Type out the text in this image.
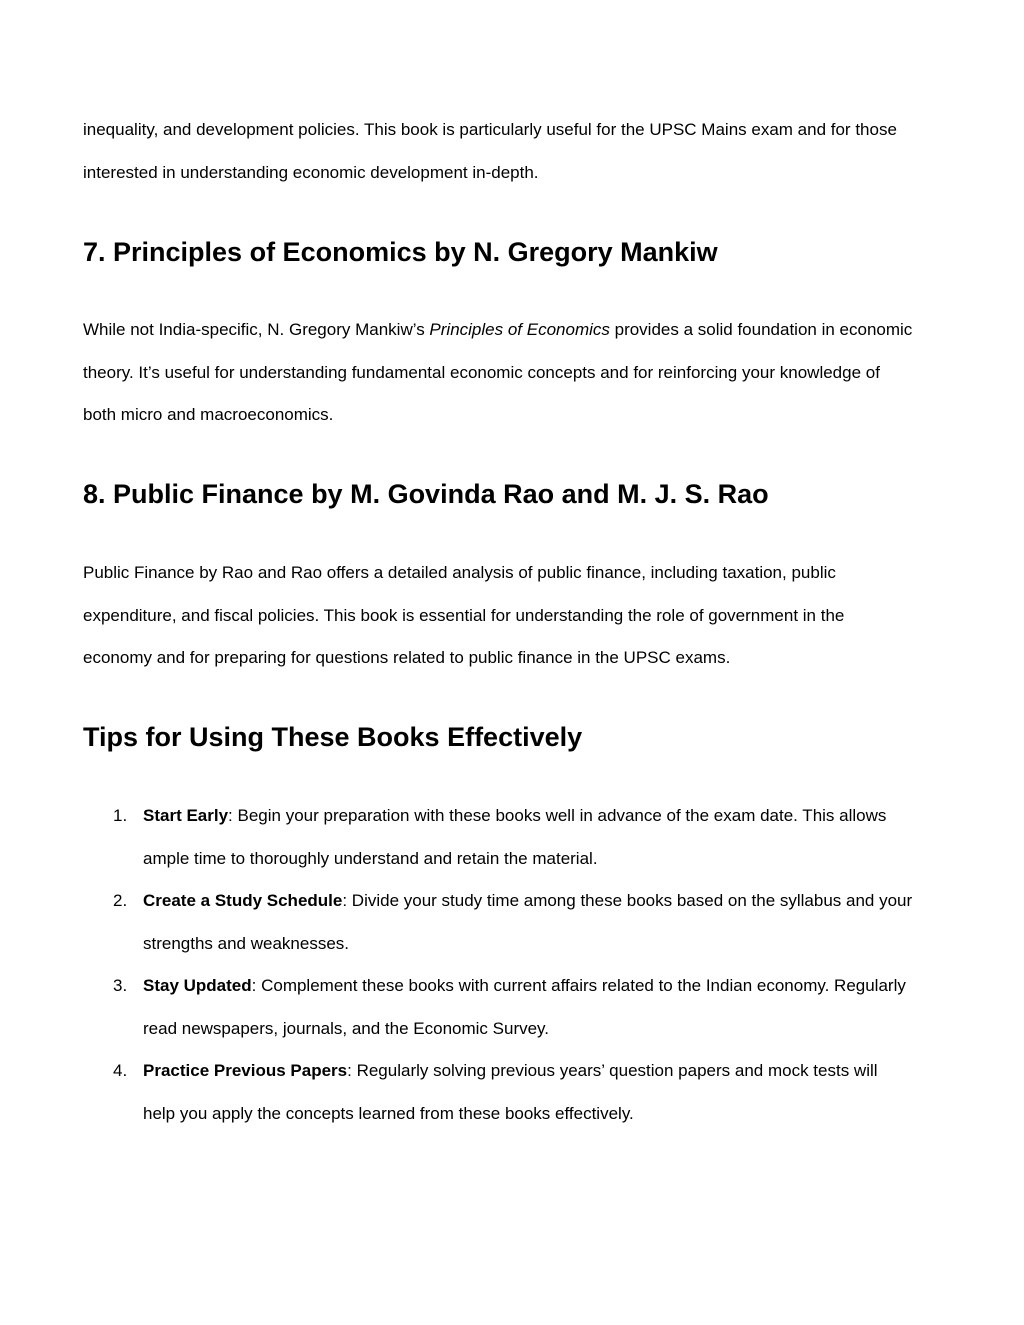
inequality, and development policies. This book is particularly useful for the UPSC Mains exam and for those interested in understanding economic development in-depth.

7. Principles of Economics by N. Gregory Mankiw

While not India-specific, N. Gregory Mankiw’s Principles of Economics provides a solid foundation in economic theory. It’s useful for understanding fundamental economic concepts and for reinforcing your knowledge of both micro and macroeconomics.

8. Public Finance by M. Govinda Rao and M. J. S. Rao

Public Finance by Rao and Rao offers a detailed analysis of public finance, including taxation, public expenditure, and fiscal policies. This book is essential for understanding the role of government in the economy and for preparing for questions related to public finance in the UPSC exams.

Tips for Using These Books Effectively
1. Start Early: Begin your preparation with these books well in advance of the exam date. This allows ample time to thoroughly understand and retain the material.
2. Create a Study Schedule: Divide your study time among these books based on the syllabus and your strengths and weaknesses.
3. Stay Updated: Complement these books with current affairs related to the Indian economy. Regularly read newspapers, journals, and the Economic Survey.
4. Practice Previous Papers: Regularly solving previous years’ question papers and mock tests will help you apply the concepts learned from these books effectively.
